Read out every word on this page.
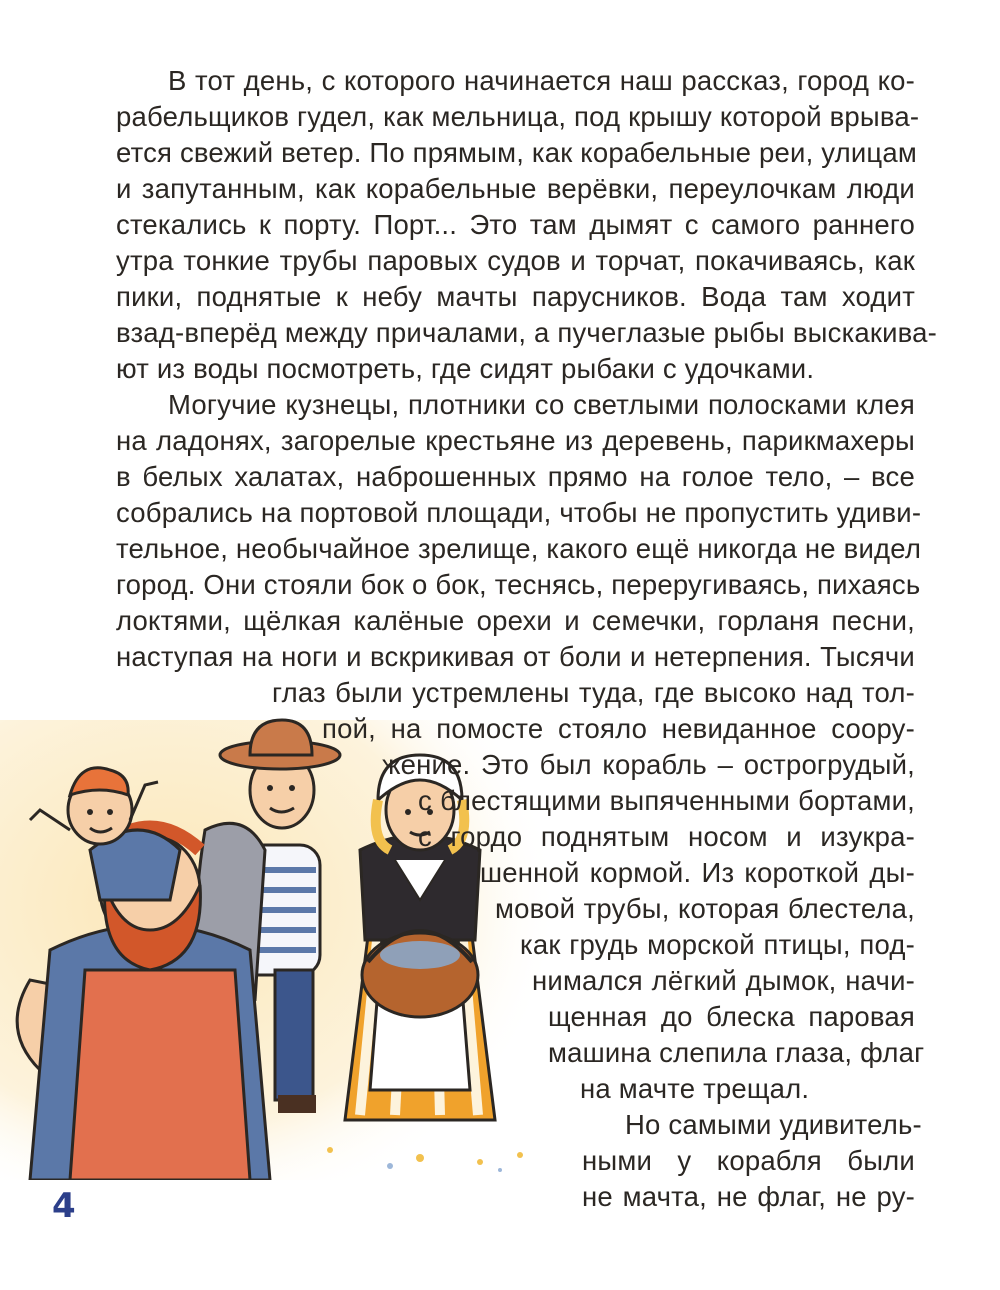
В тот день, с которого начинается наш рассказ, город ко-
рабельщиков гудел, как мельница, под крышу которой врыва-
ется свежий ветер. По прямым, как корабельные реи, улицам
и запутанным, как корабельные верёвки, переулочкам люди
стекались к порту. Порт... Это там дымят с самого раннего
утра тонкие трубы паровых судов и торчат, покачиваясь, как
пики, поднятые к небу мачты парусников. Вода там ходит
взад-вперёд между причалами, а пучеглазые рыбы выскакива-
ют из воды посмотреть, где сидят рыбаки с удочками.
Могучие кузнецы, плотники со светлыми полосками клея
на ладонях, загорелые крестьяне из деревень, парикмахеры
в белых халатах, наброшенных прямо на голое тело, – все
собрались на портовой площади, чтобы не пропустить удиви-
тельное, необычайное зрелище, какого ещё никогда не видел
город. Они стояли бок о бок, теснясь, переругиваясь, пихаясь
локтями, щёлкая калёные орехи и семечки, горланя песни,
наступая на ноги и вскрикивая от боли и нетерпения. Тысячи
глаз были устремлены туда, где высоко над тол-
пой, на помосте стояло невиданное соору-
жение. Это был корабль – острогрудый,
с блестящими выпяченными бортами,
с гордо поднятым носом и изукра-
шенной кормой. Из короткой ды-
мовой трубы, которая блестела,
как грудь морской птицы, под-
нимался лёгкий дымок, начи-
щенная до блеска паровая
машина слепила глаза, флаг
на мачте трещал.
Но самыми удивитель-
ными у корабля были
не мачта, не флаг, не ру-
4
